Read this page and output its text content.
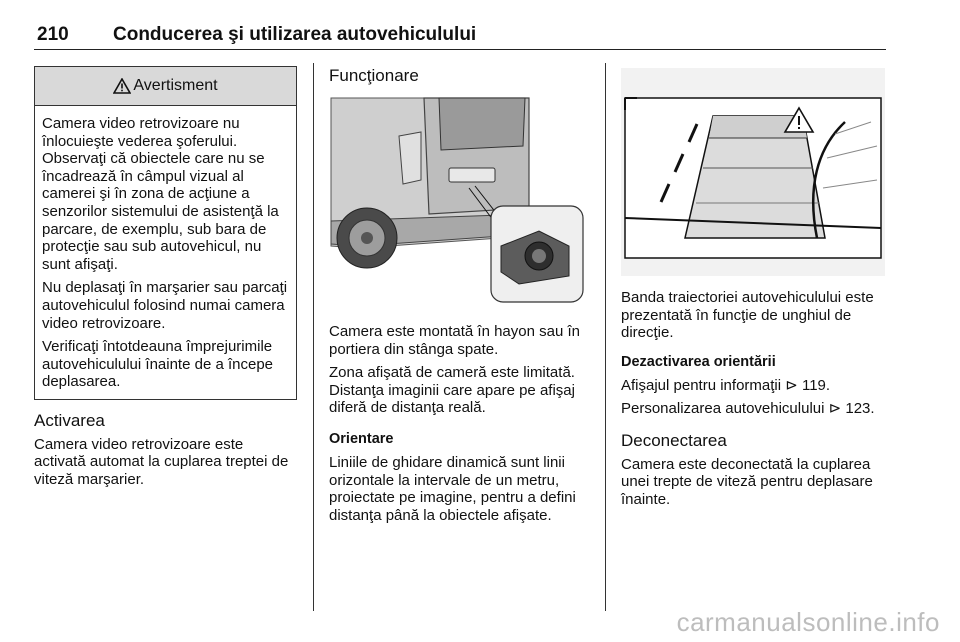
210 Conducerea şi utilizarea autovehiculului
Avertisment

Camera video retrovizoare nu înlocuieşte vederea şoferului. Observaţi că obiectele care nu se încadrează în câmpul vizual al camerei şi în zona de acţiune a senzorilor sistemului de asistenţă la parcare, de exemplu, sub bara de protecţie sau sub autovehicul, nu sunt afişaţi.

Nu deplasaţi în marşarier sau parcaţi autovehiculul folosind numai camera video retrovizoare.

Verificaţi întotdeauna împrejurimile autovehiculului înainte de a începe deplasarea.

Activarea

Camera video retrovizoare este activată automat la cuplarea treptei de viteză marşarier.

Funcţionare

Camera este montată în hayon sau în portiera din stânga spate.

Zona afişată de cameră este limitată. Distanţa imaginii care apare pe afişaj diferă de distanţa reală.

Orientare

Liniile de ghidare dinamică sunt linii orizontale la intervale de un metru, proiectate pe imagine, pentru a defini distanţa până la obiectele afişate.

Banda traiectoriei autovehiculului este prezentată în funcţie de unghiul de direcţie.

Dezactivarea orientării

Afişajul pentru informaţii ⊳ 119.

Personalizarea autovehiculului ⊳ 123.

Deconectarea

Camera este deconectată la cuplarea unei trepte de viteză pentru deplasare înainte.

carmanualsonline.info
